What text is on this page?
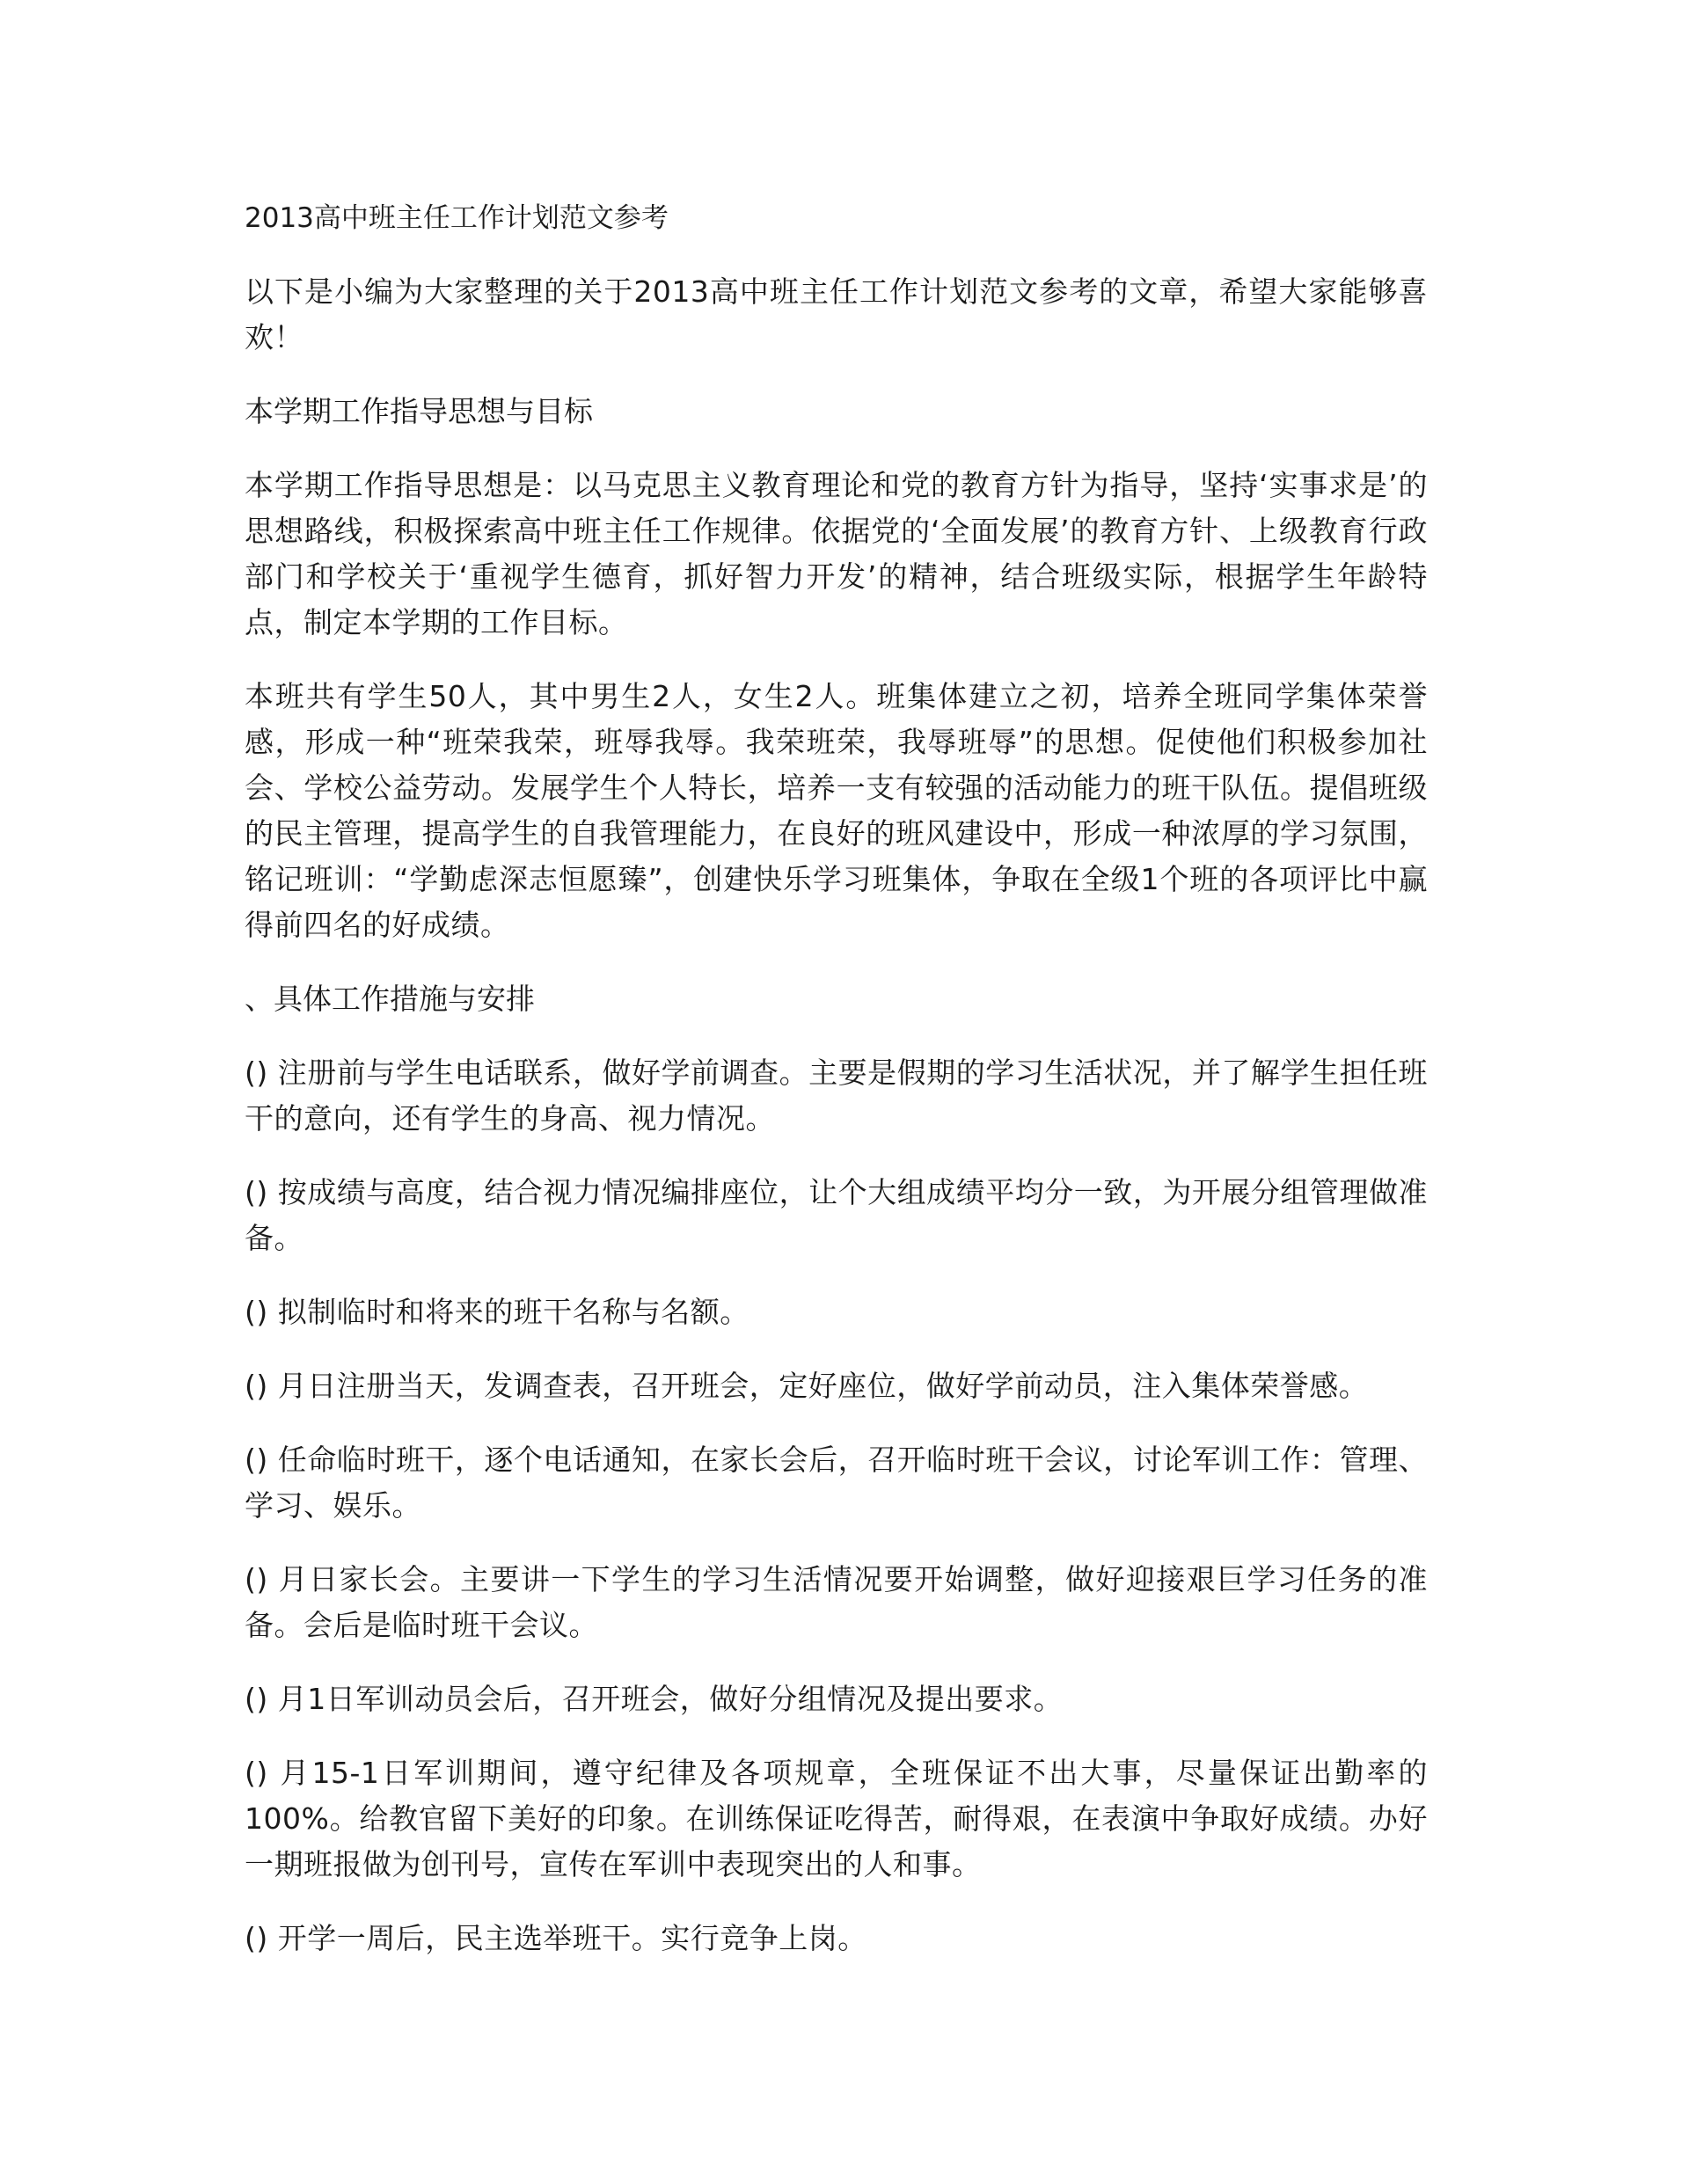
2013高中班主任工作计划范文参考

以下是小编为大家整理的关于2013高中班主任工作计划范文参考的文章，希望大家能够喜欢！

本学期工作指导思想与目标

本学期工作指导思想是：以马克思主义教育理论和党的教育方针为指导，坚持‘实事求是’的思想路线，积极探索高中班主任工作规律。依据党的‘全面发展’的教育方针、上级教育行政部门和学校关于‘重视学生德育，抓好智力开发’的精神，结合班级实际，根据学生年龄特点，制定本学期的工作目标。

本班共有学生50人，其中男生2人，女生2人。班集体建立之初，培养全班同学集体荣誉感，形成一种“班荣我荣，班辱我辱。我荣班荣，我辱班辱”的思想。促使他们积极参加社会、学校公益劳动。发展学生个人特长，培养一支有较强的活动能力的班干队伍。提倡班级的民主管理，提高学生的自我管理能力，在良好的班风建设中，形成一种浓厚的学习氛围，铭记班训：“学勤虑深志恒愿臻”，创建快乐学习班集体，争取在全级1个班的各项评比中赢得前四名的好成绩。

、具体工作措施与安排

() 注册前与学生电话联系，做好学前调查。主要是假期的学习生活状况，并了解学生担任班干的意向，还有学生的身高、视力情况。

() 按成绩与高度，结合视力情况编排座位，让个大组成绩平均分一致，为开展分组管理做准备。

() 拟制临时和将来的班干名称与名额。

() 月日注册当天，发调查表，召开班会，定好座位，做好学前动员，注入集体荣誉感。

() 任命临时班干，逐个电话通知，在家长会后，召开临时班干会议，讨论军训工作：管理、学习、娱乐。

() 月日家长会。主要讲一下学生的学习生活情况要开始调整，做好迎接艰巨学习任务的准备。会后是临时班干会议。

() 月1日军训动员会后，召开班会，做好分组情况及提出要求。

() 月15-1日军训期间，遵守纪律及各项规章，全班保证不出大事，尽量保证出勤率的100%。给教官留下美好的印象。在训练保证吃得苦，耐得艰，在表演中争取好成绩。办好一期班报做为创刊号，宣传在军训中表现突出的人和事。

() 开学一周后，民主选举班干。实行竞争上岗。
